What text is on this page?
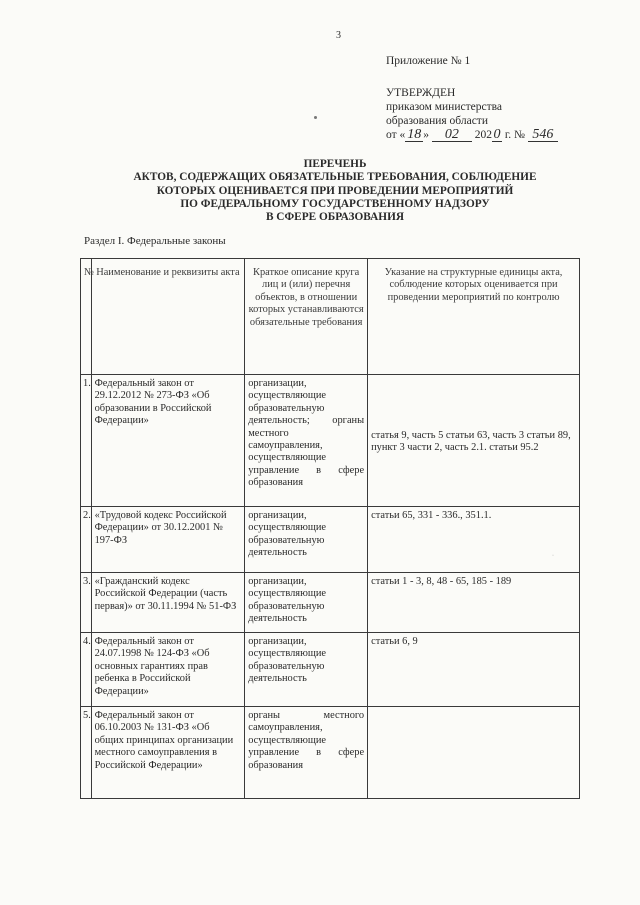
3
Приложение № 1
УТВЕРЖДЕН
приказом министерства
образования области
от « 18 » 02 202 0 г. № 546
ПЕРЕЧЕНЬ
АКТОВ, СОДЕРЖАЩИХ ОБЯЗАТЕЛЬНЫЕ ТРЕБОВАНИЯ, СОБЛЮДЕНИЕ
КОТОРЫХ ОЦЕНИВАЕТСЯ ПРИ ПРОВЕДЕНИИ МЕРОПРИЯТИЙ
ПО ФЕДЕРАЛЬНОМУ ГОСУДАРСТВЕННОМУ НАДЗОРУ
В СФЕРЕ ОБРАЗОВАНИЯ
Раздел I. Федеральные законы
№	Наименование и реквизиты акта	Краткое описание круга лиц и (или) перечня объектов, в отношении которых устанавливаются обязательные требования	Указание на структурные единицы акта, соблюдение которых оценивается при проведении мероприятий по контролю
1.	Федеральный закон от 29.12.2012 № 273-ФЗ «Об образовании в Российской Федерации»	организации, осуществляющие образовательную деятельность; органы местного самоуправления, осуществляющие управление в сфере образования	статья 9, часть 5 статьи 63, часть 3 статьи 89, пункт 3 части 2, часть 2.1. статьи 95.2

2.	«Трудовой кодекс Российской Федерации» от 30.12.2001 № 197-ФЗ	организации, осуществляющие образовательную деятельность	статьи 65, 331 - 336., 351.1.
3.	«Гражданский кодекс Российской Федерации (часть первая)» от 30.11.1994 № 51-ФЗ	организации, осуществляющие образовательную деятельность	статьи 1 - 3, 8, 48 - 65, 185 - 189
4.	Федеральный закон от 24.07.1998 № 124-ФЗ «Об основных гарантиях прав ребенка в Российской Федерации»	организации, осуществляющие образовательную деятельность	статьи 6, 9
5.	Федеральный закон от 06.10.2003 № 131-ФЗ «Об общих принципах организации местного самоуправления в Российской Федерации»	органы местного самоуправления, осуществляющие управление в сфере образования	
·
